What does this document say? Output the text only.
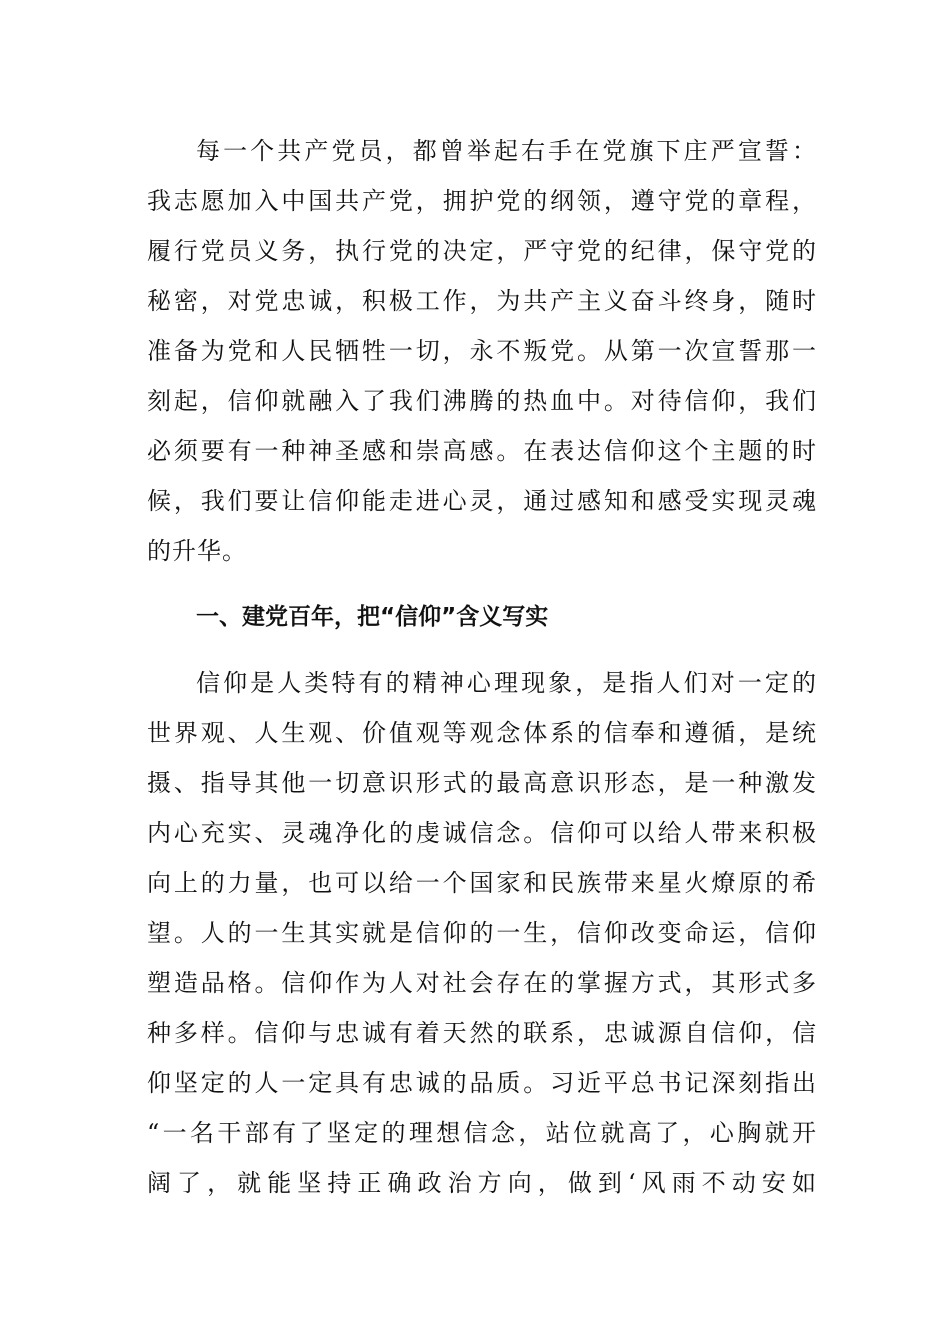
每一个共产党员，都曾举起右手在党旗下庄严宣誓：
我志愿加入中国共产党，拥护党的纲领，遵守党的章程，
履行党员义务，执行党的决定，严守党的纪律，保守党的
秘密，对党忠诚，积极工作，为共产主义奋斗终身，随时
准备为党和人民牺牲一切，永不叛党。从第一次宣誓那一
刻起，信仰就融入了我们沸腾的热血中。对待信仰，我们
必须要有一种神圣感和崇高感。在表达信仰这个主题的时
候，我们要让信仰能走进心灵，通过感知和感受实现灵魂
的升华。
一、建党百年，把“信仰”含义写实
信仰是人类特有的精神心理现象，是指人们对一定的
世界观、人生观、价值观等观念体系的信奉和遵循，是统
摄、指导其他一切意识形式的最高意识形态，是一种激发
内心充实、灵魂净化的虔诚信念。信仰可以给人带来积极
向上的力量，也可以给一个国家和民族带来星火燎原的希
望。人的一生其实就是信仰的一生，信仰改变命运，信仰
塑造品格。信仰作为人对社会存在的掌握方式，其形式多
种多样。信仰与忠诚有着天然的联系，忠诚源自信仰，信
仰坚定的人一定具有忠诚的品质。习近平总书记深刻指出
“一名干部有了坚定的理想信念，站位就高了，心胸就开
阔了，就能坚持正确政治方向，做到‘风雨不动安如
